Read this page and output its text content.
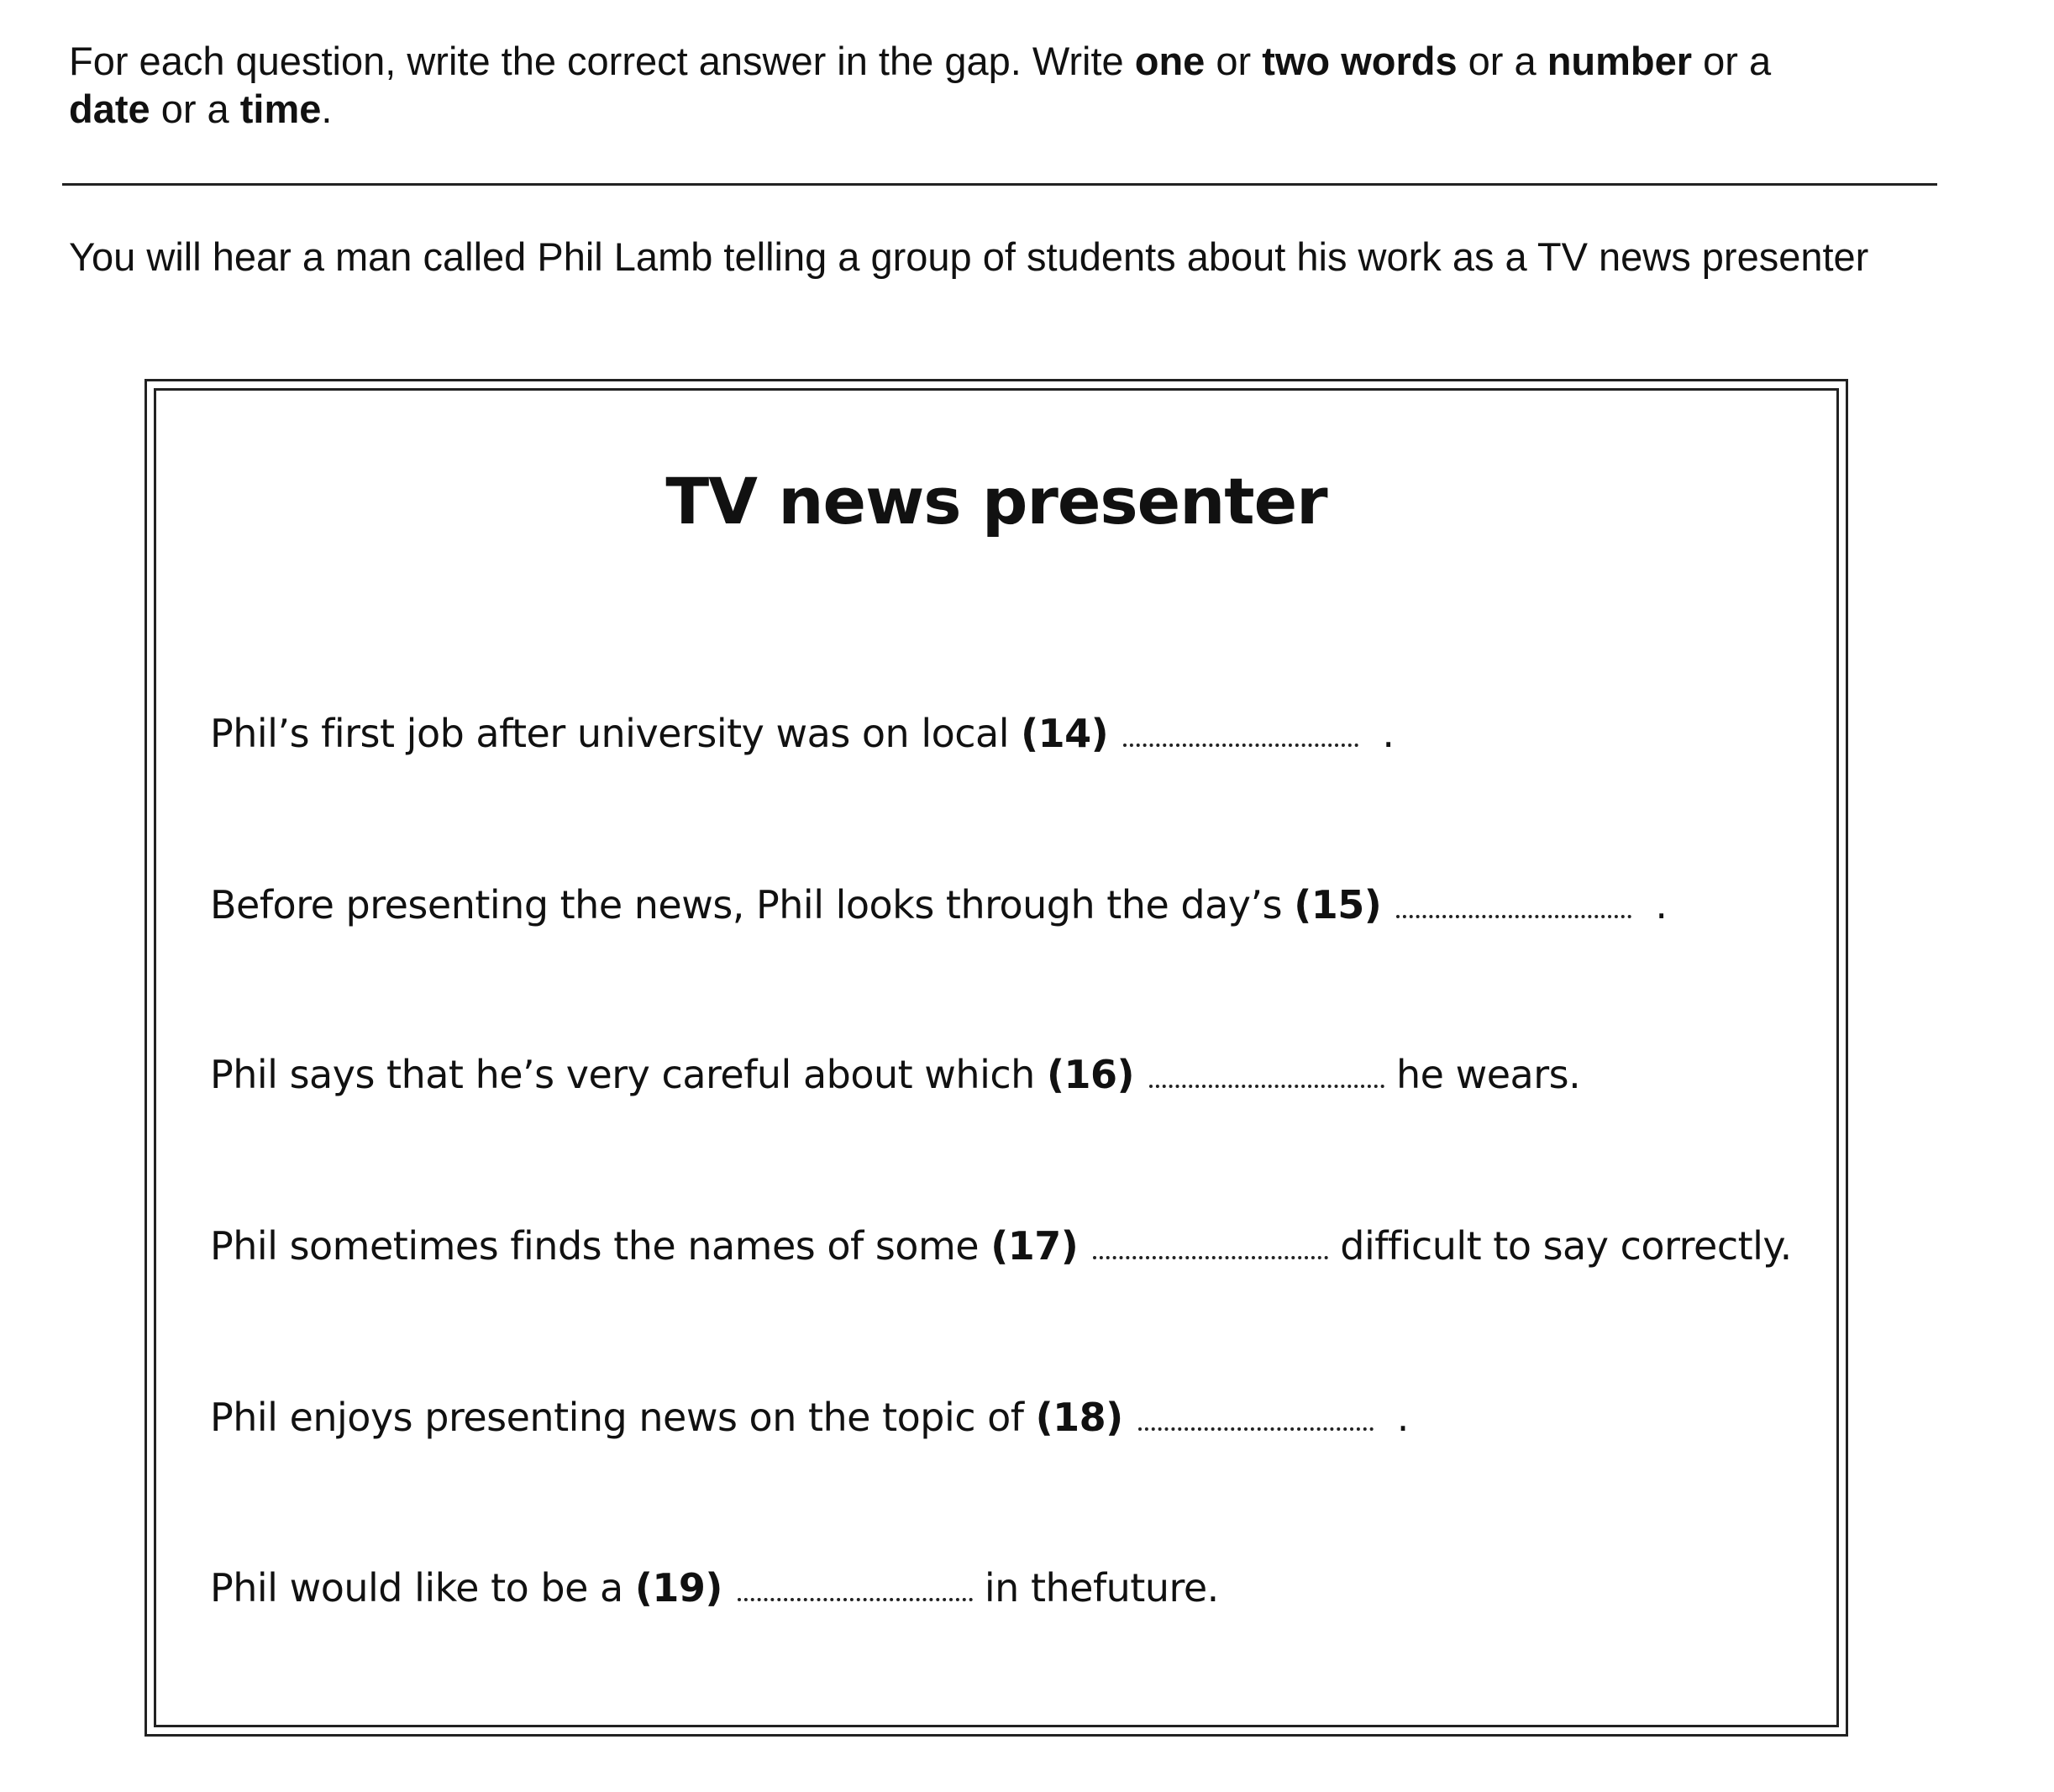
For each question, write the correct answer in the gap. Write one or two words or a number or a
date or a time.
You will hear a man called Phil Lamb telling a group of students about his work as a TV news presenter
TV news presenter
Phil’s first job after university was on local (14)	.
Before presenting the news, Phil looks through the day’s (15)	.
Phil says that he’s very careful about which (16)	he wears.
Phil sometimes finds the names of some (17)	difficult to say correctly.
Phil enjoys presenting news on the topic of (18)	.
Phil would like to be a (19)	in thefuture.
